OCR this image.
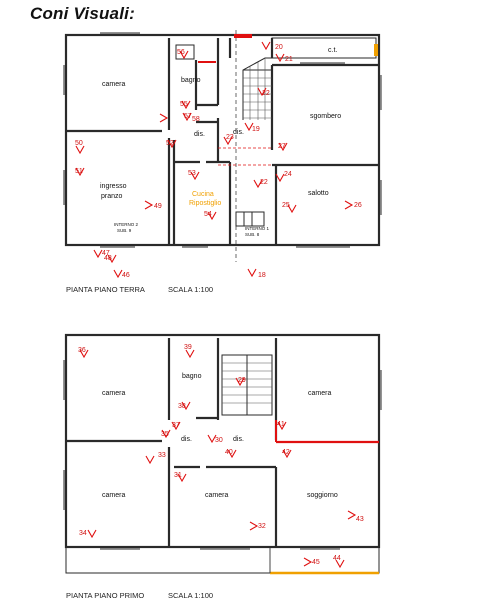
Coni Visuali:
camera
bagno
dis.	dis.
sgombero
c.t.
ingresso
pranzo	Cucina
Ripostiglio
salotto
INTERNO 2
SUB. 9	INTERNO 1
SUB. 8
PIANTA PIANO TERRA	SCALA 1:100
camera
bagno
camera
dis.	dis.
camera	camera	soggiorno
PIANTA PIANO PRIMO	SCALA 1:100
20
21
56
55
57 58
22
19
23
27
50	52
51
49
53
22
24
25	26
54
47
48
46	18
36	39
38
37
35
30
29
41
40	42
33
31
34
32
43
44
45
